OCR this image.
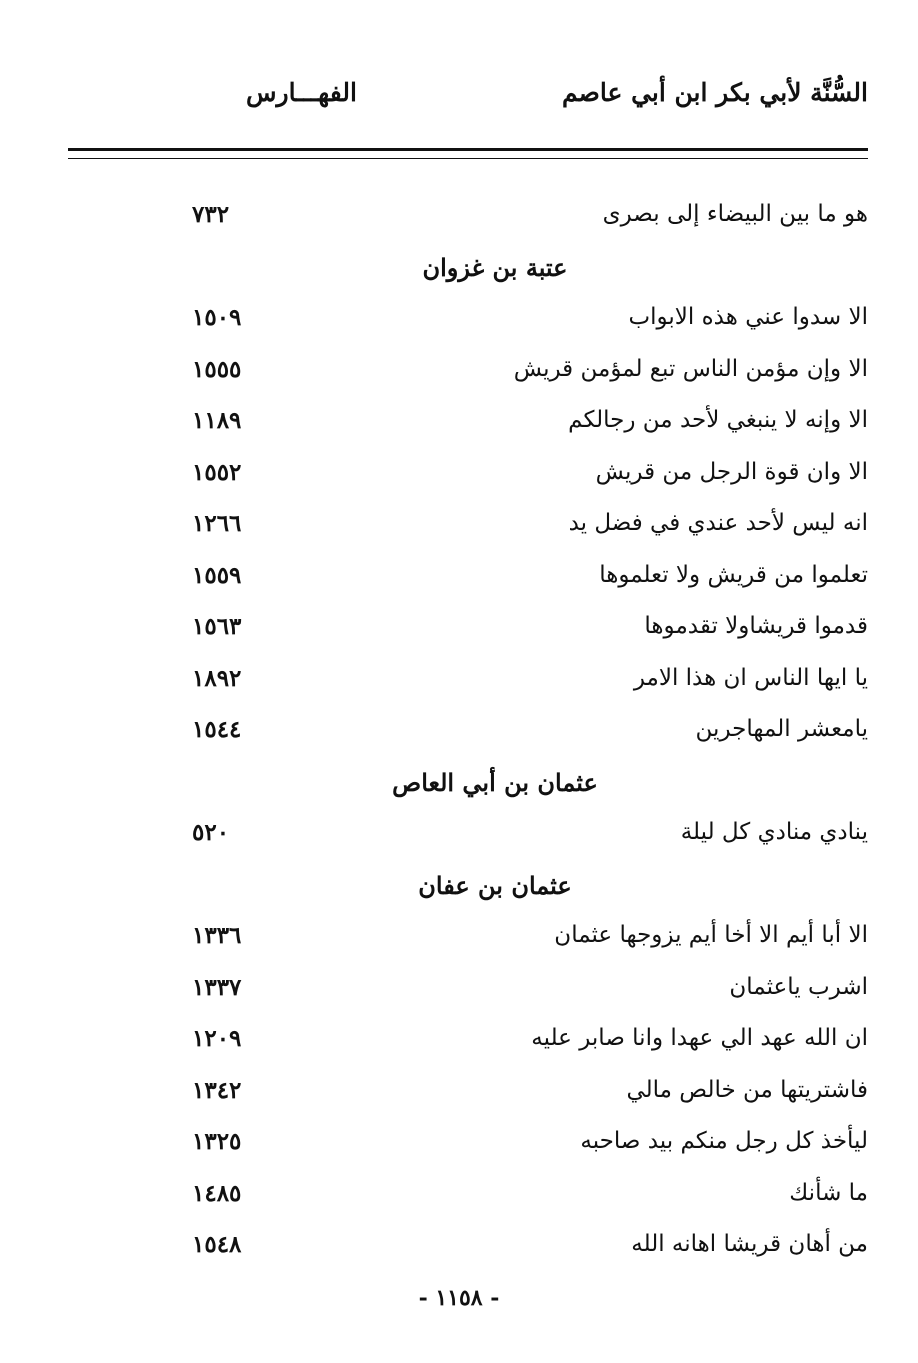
السُّنَّة لأبي بكر ابن أبي عاصم
الفهـــارس
هو ما بين البيضاء إلى بصرى
٧٣٢
عتبة بن غزوان
الا سدوا عني هذه الابواب
١٥٠٩
الا وإن مؤمن الناس تبع لمؤمن قريش
١٥٥٥
الا وإنه لا ينبغي لأحد من رجالكم
١١٨٩
الا وان قوة الرجل من قريش
١٥٥٢
انه ليس لأحد عندي في فضل يد
١٢٦٦
تعلموا من قريش ولا تعلموها
١٥٥٩
قدموا قريشاولا تقدموها
١٥٦٣
يا ايها الناس ان هذا الامر
١٨٩٢
يامعشر المهاجرين
١٥٤٤
عثمان بن أبي العاص
ينادي منادي كل ليلة
٥٢٠
عثمان بن عفان
الا أبا أيم الا أخا أيم يزوجها عثمان
١٣٣٦
اشرب ياعثمان
١٣٣٧
ان الله عهد الي عهدا وانا صابر عليه
١٢٠٩
فاشتريتها من خالص مالي
١٣٤٢
ليأخذ كل رجل منكم بيد صاحبه
١٣٢٥
ما شأنك
١٤٨٥
من أهان قريشا اهانه الله
١٥٤٨
- ١١٥٨ -
